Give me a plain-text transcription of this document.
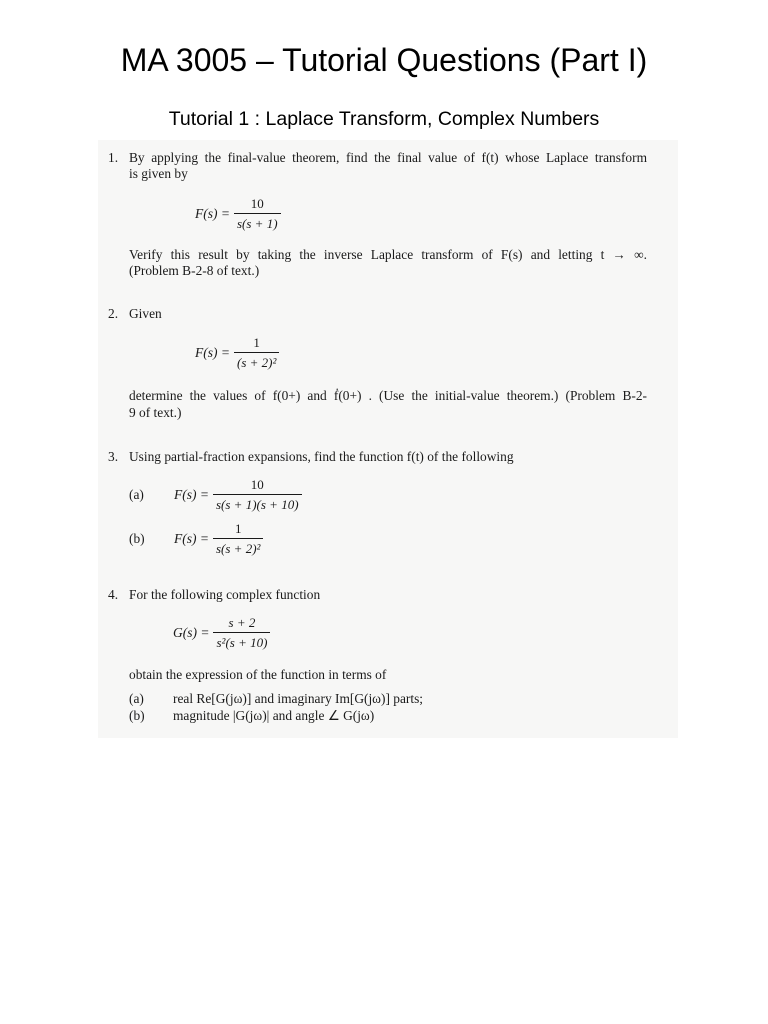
MA 3005 – Tutorial Questions (Part I)
Tutorial 1 : Laplace Transform, Complex Numbers
1. By applying the final-value theorem, find the final value of f(t) whose Laplace transform
is given by
$F(s) = \frac{10}{s(s + 1)}$
Verify this result by taking the inverse Laplace transform of F(s) and letting t → ∞.
(Problem B-2-8 of text.)
2. Given
$F(s) = \frac{1}{\text{(s + 2)²}}$
determine the values of f(0+) and ḟ(0+) . (Use the initial-value theorem.) (Problem B-2-
9 of text.)
3. Using partial-fraction expansions, find the function f(t) of the following
(a) $F(s) = \frac{10}{s(s + 1)(s + 10)}$
(b) $F(s) = \frac{1}{\text{s(s + 2)²}}$
4. For the following complex function
$G(s) = \frac{s + 2}{\text{s²(s + 10)}}$
obtain the expression of the function in terms of
(a) real Re[G(jω)] and imaginary Im[G(jω)] parts;
(b) magnitude |G(jω)| and angle ∠ G(jω)
